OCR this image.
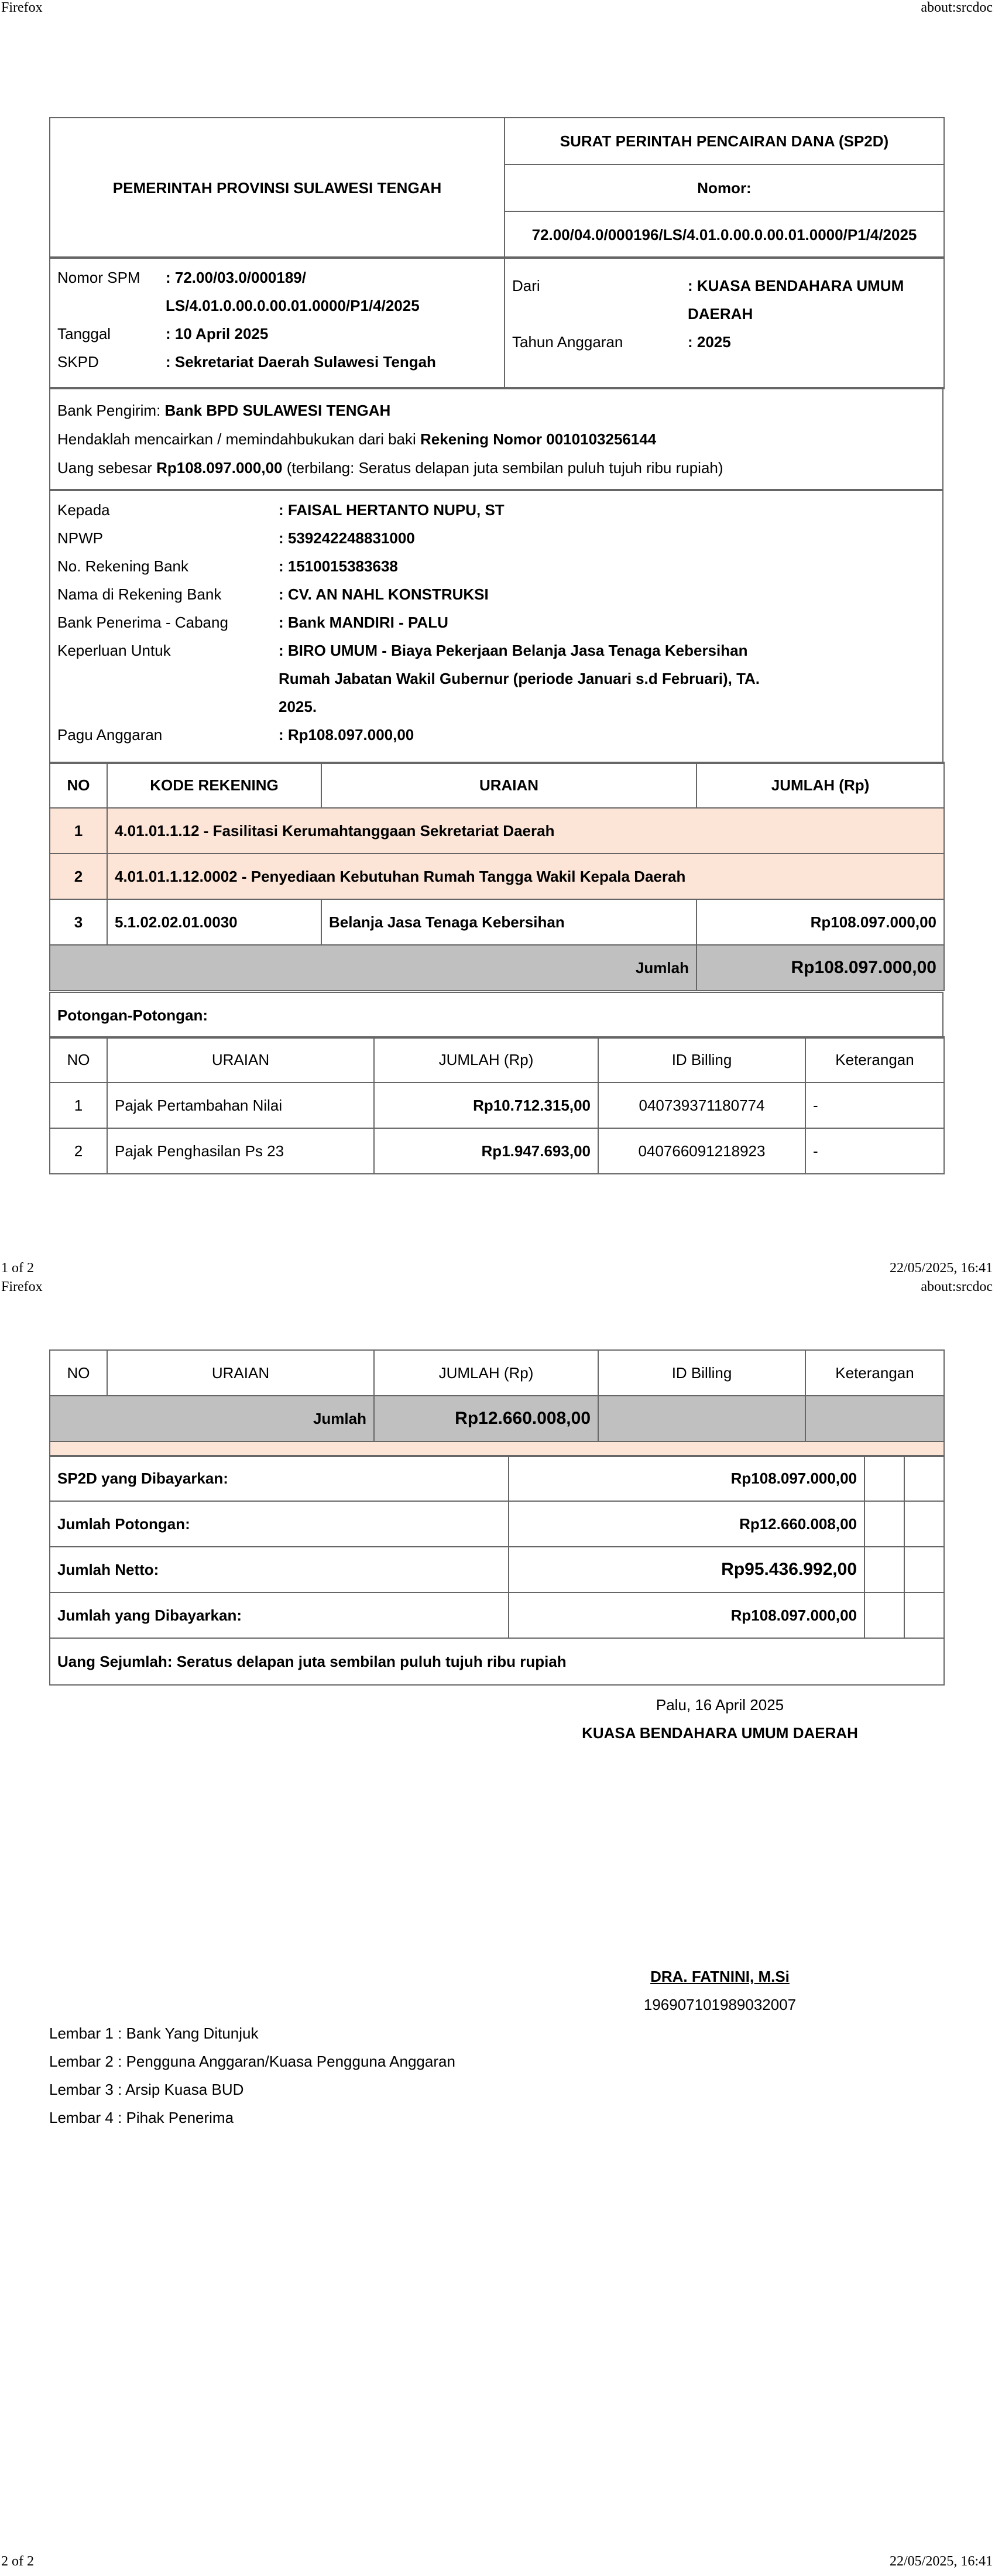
Firefox	about:srcdoc
PEMERINTAH PROVINSI SULAWESI TENGAH	SURAT PERINTAH PENCAIRAN DANA (SP2D)
Nomor:
72.00/04.0/000196/LS/4.01.0.00.0.00.01.0000/P1/4/2025
Nomor SPM	: 72.00/03.0/000189/
LS/4.01.0.00.0.00.01.0000/P1/4/2025
Tanggal	: 10 April 2025
SKPD	: Sekretariat Daerah Sulawesi Tengah

Dari	: KUASA BENDAHARA UMUM
DAERAH
Tahun Anggaran	: 2025
Bank Pengirim: Bank BPD SULAWESI TENGAH
Hendaklah mencairkan / memindahbukukan dari baki Rekening Nomor 0010103256144
Uang sebesar Rp108.097.000,00 (terbilang: Seratus delapan juta sembilan puluh tujuh ribu rupiah)
Kepada	: FAISAL HERTANTO NUPU, ST
NPWP	: 539242248831000
No. Rekening Bank	: 1510015383638
Nama di Rekening Bank	: CV. AN NAHL KONSTRUKSI
Bank Penerima - Cabang	: Bank MANDIRI - PALU
Keperluan Untuk	: BIRO UMUM - Biaya Pekerjaan Belanja Jasa Tenaga Kebersihan
Rumah Jabatan Wakil Gubernur (periode Januari s.d Februari), TA.
2025.
Pagu Anggaran	: Rp108.097.000,00
NO	KODE REKENING	URAIAN	JUMLAH (Rp)
1	4.01.01.1.12 - Fasilitasi Kerumahtanggaan Sekretariat Daerah		
2	4.01.01.1.12.0002 - Penyediaan Kebutuhan Rumah Tangga Wakil Kepala Daerah		
3	5.1.02.02.01.0030	Belanja Jasa Tenaga Kebersihan	Rp108.097.000,00
Jumlah			Rp108.097.000,00
Potongan-Potongan:
NO	URAIAN	JUMLAH (Rp)	ID Billing	Keterangan
1	Pajak Pertambahan Nilai	Rp10.712.315,00	040739371180774	-
2	Pajak Penghasilan Ps 23	Rp1.947.693,00	040766091218923	-
1 of 2	22/05/2025, 16:41
Firefox	about:srcdoc
NO	URAIAN	JUMLAH (Rp)	ID Billing	Keterangan
Jumlah		Rp12.660.008,00		

SP2D yang Dibayarkan:	Rp108.097.000,00		
Jumlah Potongan:	Rp12.660.008,00		
Jumlah Netto:	Rp95.436.992,00		
Jumlah yang Dibayarkan:	Rp108.097.000,00		
Uang Sejumlah: Seratus delapan juta sembilan puluh tujuh ribu rupiah			
Palu, 16 April 2025
KUASA BENDAHARA UMUM DAERAH
DRA. FATNINI, M.Si
196907101989032007
Lembar 1 : Bank Yang Ditunjuk
Lembar 2 : Pengguna Anggaran/Kuasa Pengguna Anggaran
Lembar 3 : Arsip Kuasa BUD
Lembar 4 : Pihak Penerima
2 of 2	22/05/2025, 16:41
